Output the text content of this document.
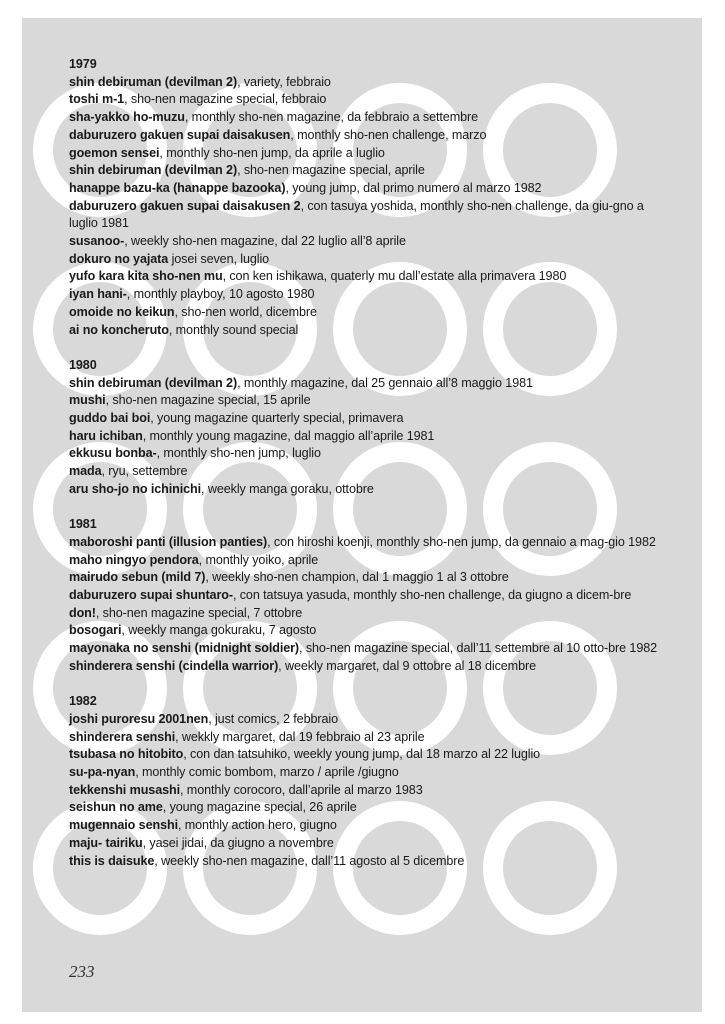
1979
shin debiruman (devilman 2), variety, febbraio
toshi m-1, sho-nen magazine special, febbraio
sha-yakko ho-muzu, monthly sho-nen magazine, da febbraio a settembre
daburuzero gakuen supai daisakusen, monthly sho-nen challenge, marzo
goemon sensei, monthly sho-nen jump, da aprile a luglio
shin debiruman (devilman 2), sho-nen magazine special, aprile
hanappe bazu-ka (hanappe bazooka), young jump, dal primo numero al marzo 1982
daburuzero gakuen supai daisakusen 2, con tasuya yoshida, monthly sho-nen challenge, da giu-gno a luglio 1981
susanoo-, weekly sho-nen magazine, dal 22 luglio all’8 aprile
dokuro no yajata josei seven, luglio
yufo kara kita sho-nen mu, con ken ishikawa, quaterly mu dall’estate alla primavera 1980
iyan hani-, monthly playboy, 10 agosto 1980
omoide no keikun, sho-nen world, dicembre
ai no koncheruto, monthly sound special
1980
shin debiruman (devilman 2), monthly magazine, dal 25 gennaio all’8 maggio 1981
mushi, sho-nen magazine special, 15 aprile
guddo bai boi, young magazine quarterly special, primavera
haru ichiban, monthly young magazine, dal maggio all’aprile 1981
ekkusu bonba-, monthly sho-nen jump, luglio
mada, ryu, settembre
aru sho-jo no ichinichi, weekly manga goraku, ottobre
1981
maboroshi panti (illusion panties), con hiroshi koenji, monthly sho-nen jump, da gennaio a mag-gio 1982
maho ningyo pendora, monthly yoiko, aprile
mairudo sebun (mild 7), weekly sho-nen champion, dal 1 maggio 1 al 3 ottobre
daburuzero supai shuntaro-, con tatsuya yasuda, monthly sho-nen challenge, da giugno a dicem-bre
don!, sho-nen magazine special, 7 ottobre
bosogari, weekly manga gokuraku, 7 agosto
mayonaka no senshi (midnight soldier), sho-nen magazine special, dall’11 settembre al 10 otto-bre 1982
shinderera senshi (cindella warrior), weekly margaret, dal 9 ottobre al 18 dicembre
1982
joshi puroresu 2001nen, just comics, 2 febbraio
shinderera senshi, wekkly margaret, dal 19 febbraio al 23 aprile
tsubasa no hitobito, con dan tatsuhiko, weekly young jump, dal 18 marzo al 22 luglio
su-pa-nyan, monthly comic bombom, marzo / aprile /giugno
tekkenshi musashi, monthly corocoro, dall’aprile al marzo 1983
seishun no ame, young magazine special, 26 aprile
mugennaio senshi, monthly action hero, giugno
maju- tairiku, yasei jidai, da giugno a novembre
this is daisuke, weekly sho-nen magazine, dall’11 agosto al 5 dicembre
233
